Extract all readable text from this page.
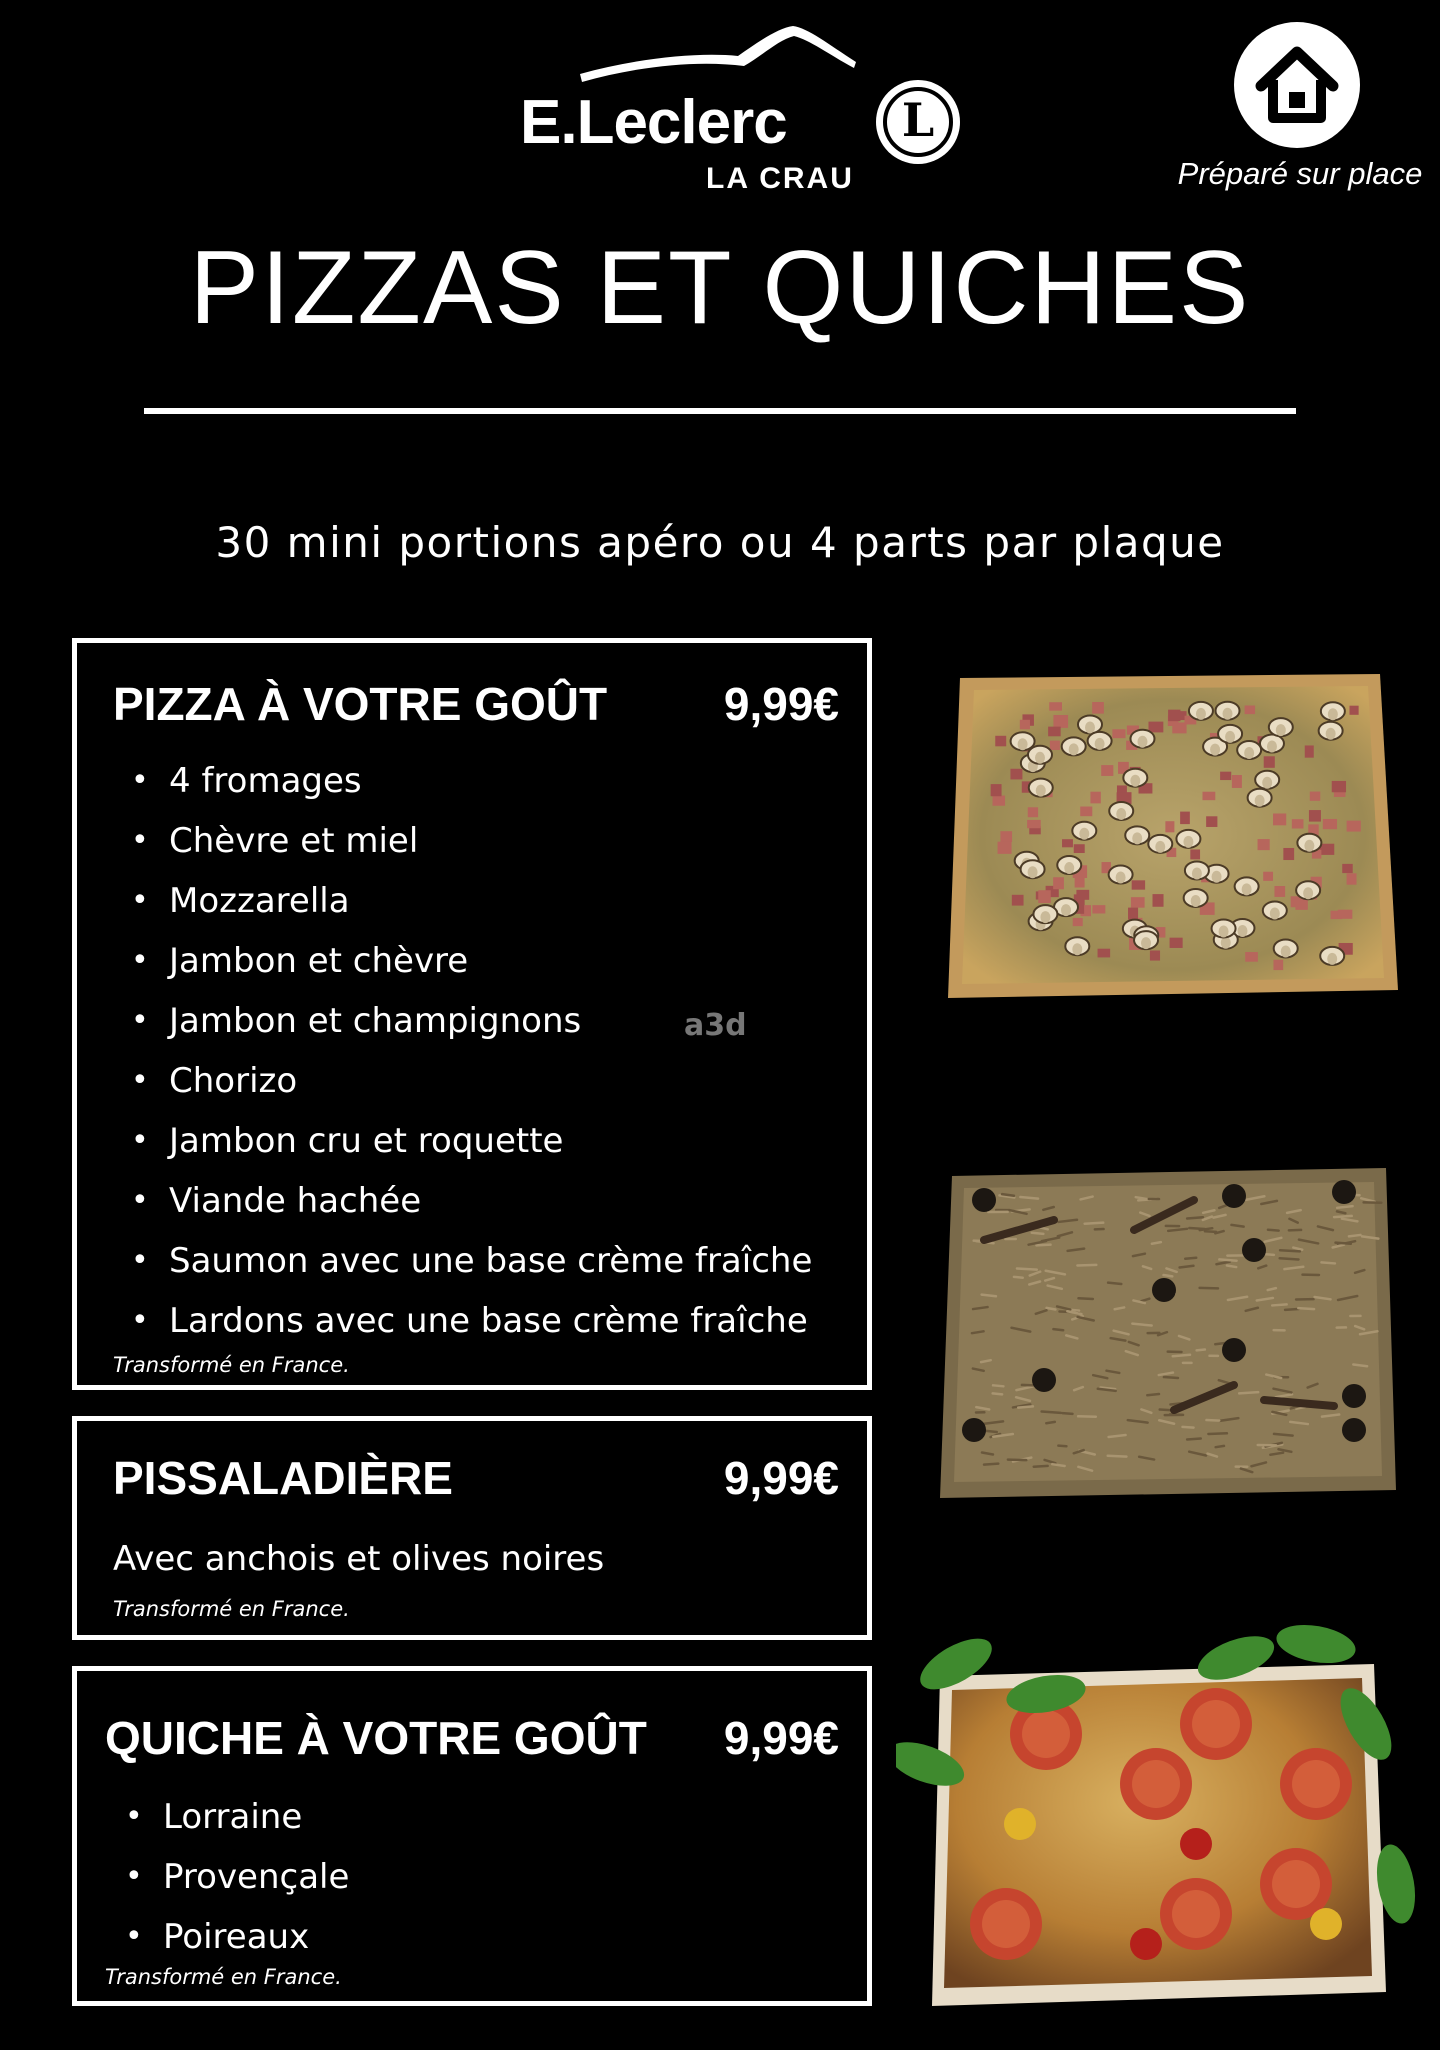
E.Leclerc	L
LA CRAU	Préparé sur place
PIZZAS ET QUICHES
30 mini portions apéro ou 4 parts par plaque
PIZZA À VOTRE GOÛT	9,99€
• 4 fromages
• Chèvre et miel
• Mozzarella
• Jambon et chèvre
• Jambon et champignons
• Chorizo
• Jambon cru et roquette
• Viande hachée
• Saumon avec une base crème fraîche
• Lardons avec une base crème fraîche
Transformé en France.
a3d
PISSALADIÈRE	9,99€
Avec anchois et olives noires
Transformé en France.
QUICHE À VOTRE GOÛT 9,99€
• Lorraine
• Provençale
• Poireaux
Transformé en France.
